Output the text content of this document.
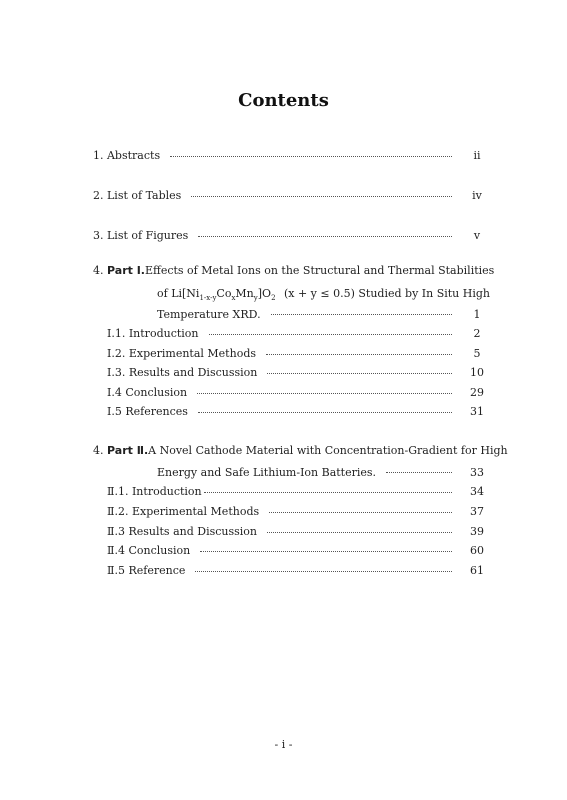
Contents
1. Abstracts	ii
2. List of Tables	iv
3. List of Figures	v
4. Part Ⅰ. Effects of Metal Ions on the Structural and Thermal Stabilities
of $Li[Ni_{1-x-y}Co_xMn_y]O_2$ (x + y ≤ 0.5) Studied by In Situ High
Temperature XRD.	1
Ⅰ.1. Introduction	2
Ⅰ.2. Experimental Methods	5
Ⅰ.3. Results and Discussion	10
Ⅰ.4 Conclusion	29
Ⅰ.5 References	31
4. Part Ⅱ. A Novel Cathode Material with Concentration-Gradient for High
Energy and Safe Lithium-Ion Batteries.	33
Ⅱ.1. Introduction	34
Ⅱ.2. Experimental Methods	37
Ⅱ.3 Results and Discussion	39
Ⅱ.4 Conclusion	60
Ⅱ.5 Reference	61
- i -
